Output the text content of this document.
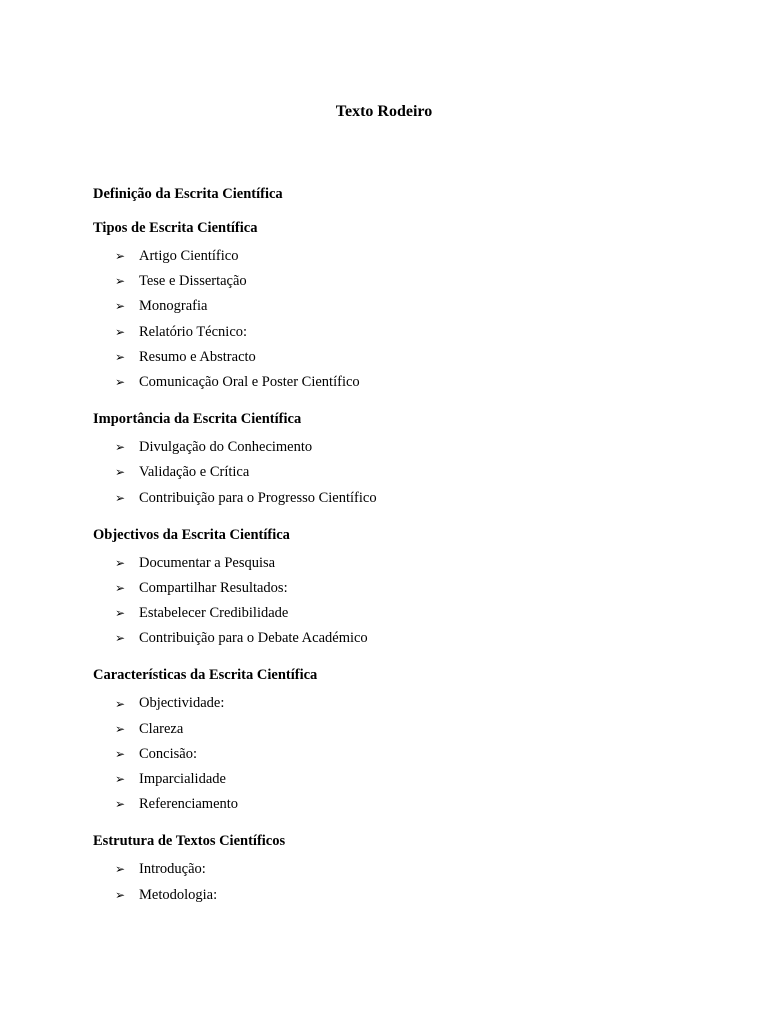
Texto Rodeiro

Definição da Escrita Científica

Tipos de Escrita Científica

➢ Artigo Científico
➢ Tese e Dissertação
➢ Monografia
➢ Relatório Técnico:
➢ Resumo e Abstracto
➢ Comunicação Oral e Poster Científico

Importância da Escrita Científica

➢ Divulgação do Conhecimento
➢ Validação e Crítica
➢ Contribuição para o Progresso Científico

Objectivos da Escrita Científica

➢ Documentar a Pesquisa
➢ Compartilhar Resultados:
➢ Estabelecer Credibilidade
➢ Contribuição para o Debate Académico

Características da Escrita Científica

➢ Objectividade:
➢ Clareza
➢ Concisão:
➢ Imparcialidade
➢ Referenciamento

Estrutura de Textos Científicos

➢ Introdução:
➢ Metodologia:
